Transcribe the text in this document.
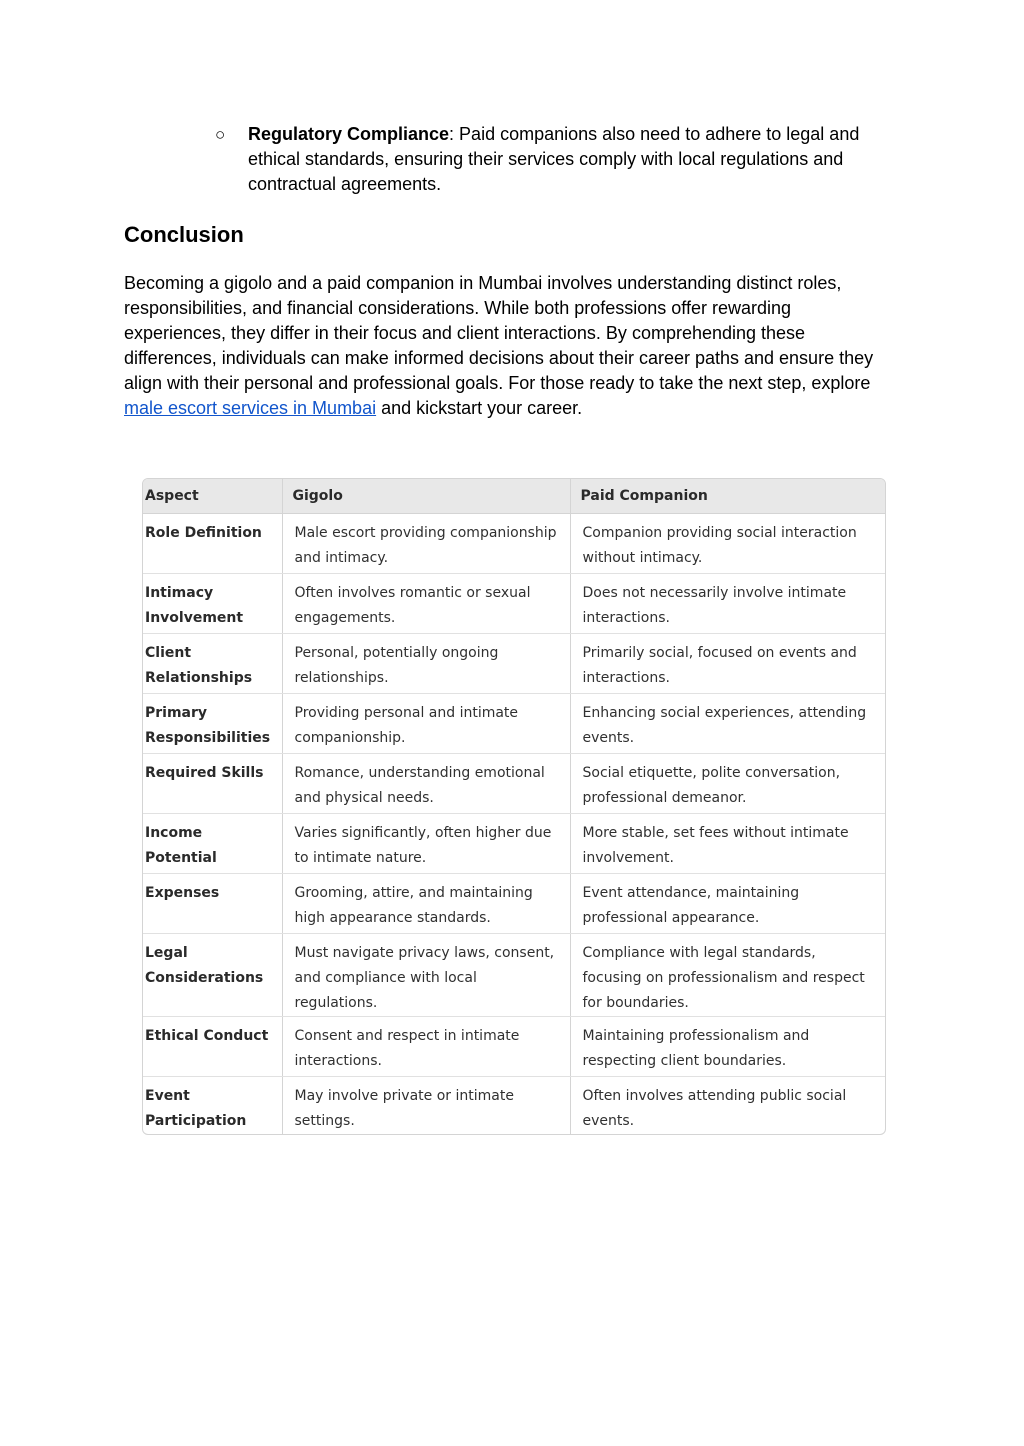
○ Regulatory Compliance: Paid companions also need to adhere to legal and ethical standards, ensuring their services comply with local regulations and contractual agreements.
Conclusion

Becoming a gigolo and a paid companion in Mumbai involves understanding distinct roles, responsibilities, and financial considerations. While both professions offer rewarding experiences, they differ in their focus and client interactions. By comprehending these differences, individuals can make informed decisions about their career paths and ensure they align with their personal and professional goals. For those ready to take the next step, explore male escort services in Mumbai and kickstart your career.

Aspect	Gigolo	Paid Companion
Role Definition	Male escort providing companionship and intimacy.	Companion providing social interaction without intimacy.
Intimacy Involvement	Often involves romantic or sexual engagements.	Does not necessarily involve intimate interactions.
Client Relationships	Personal, potentially ongoing relationships.	Primarily social, focused on events and interactions.
Primary Responsibilities	Providing personal and intimate companionship.	Enhancing social experiences, attending events.
Required Skills	Romance, understanding emotional and physical needs.	Social etiquette, polite conversation, professional demeanor.
Income Potential	Varies significantly, often higher due to intimate nature.	More stable, set fees without intimate involvement.
Expenses	Grooming, attire, and maintaining high appearance standards.	Event attendance, maintaining professional appearance.
Legal Considerations	Must navigate privacy laws, consent, and compliance with local regulations.	Compliance with legal standards, focusing on professionalism and respect for boundaries.
Ethical Conduct	Consent and respect in intimate interactions.	Maintaining professionalism and respecting client boundaries.
Event Participation	May involve private or intimate settings.	Often involves attending public social events.
